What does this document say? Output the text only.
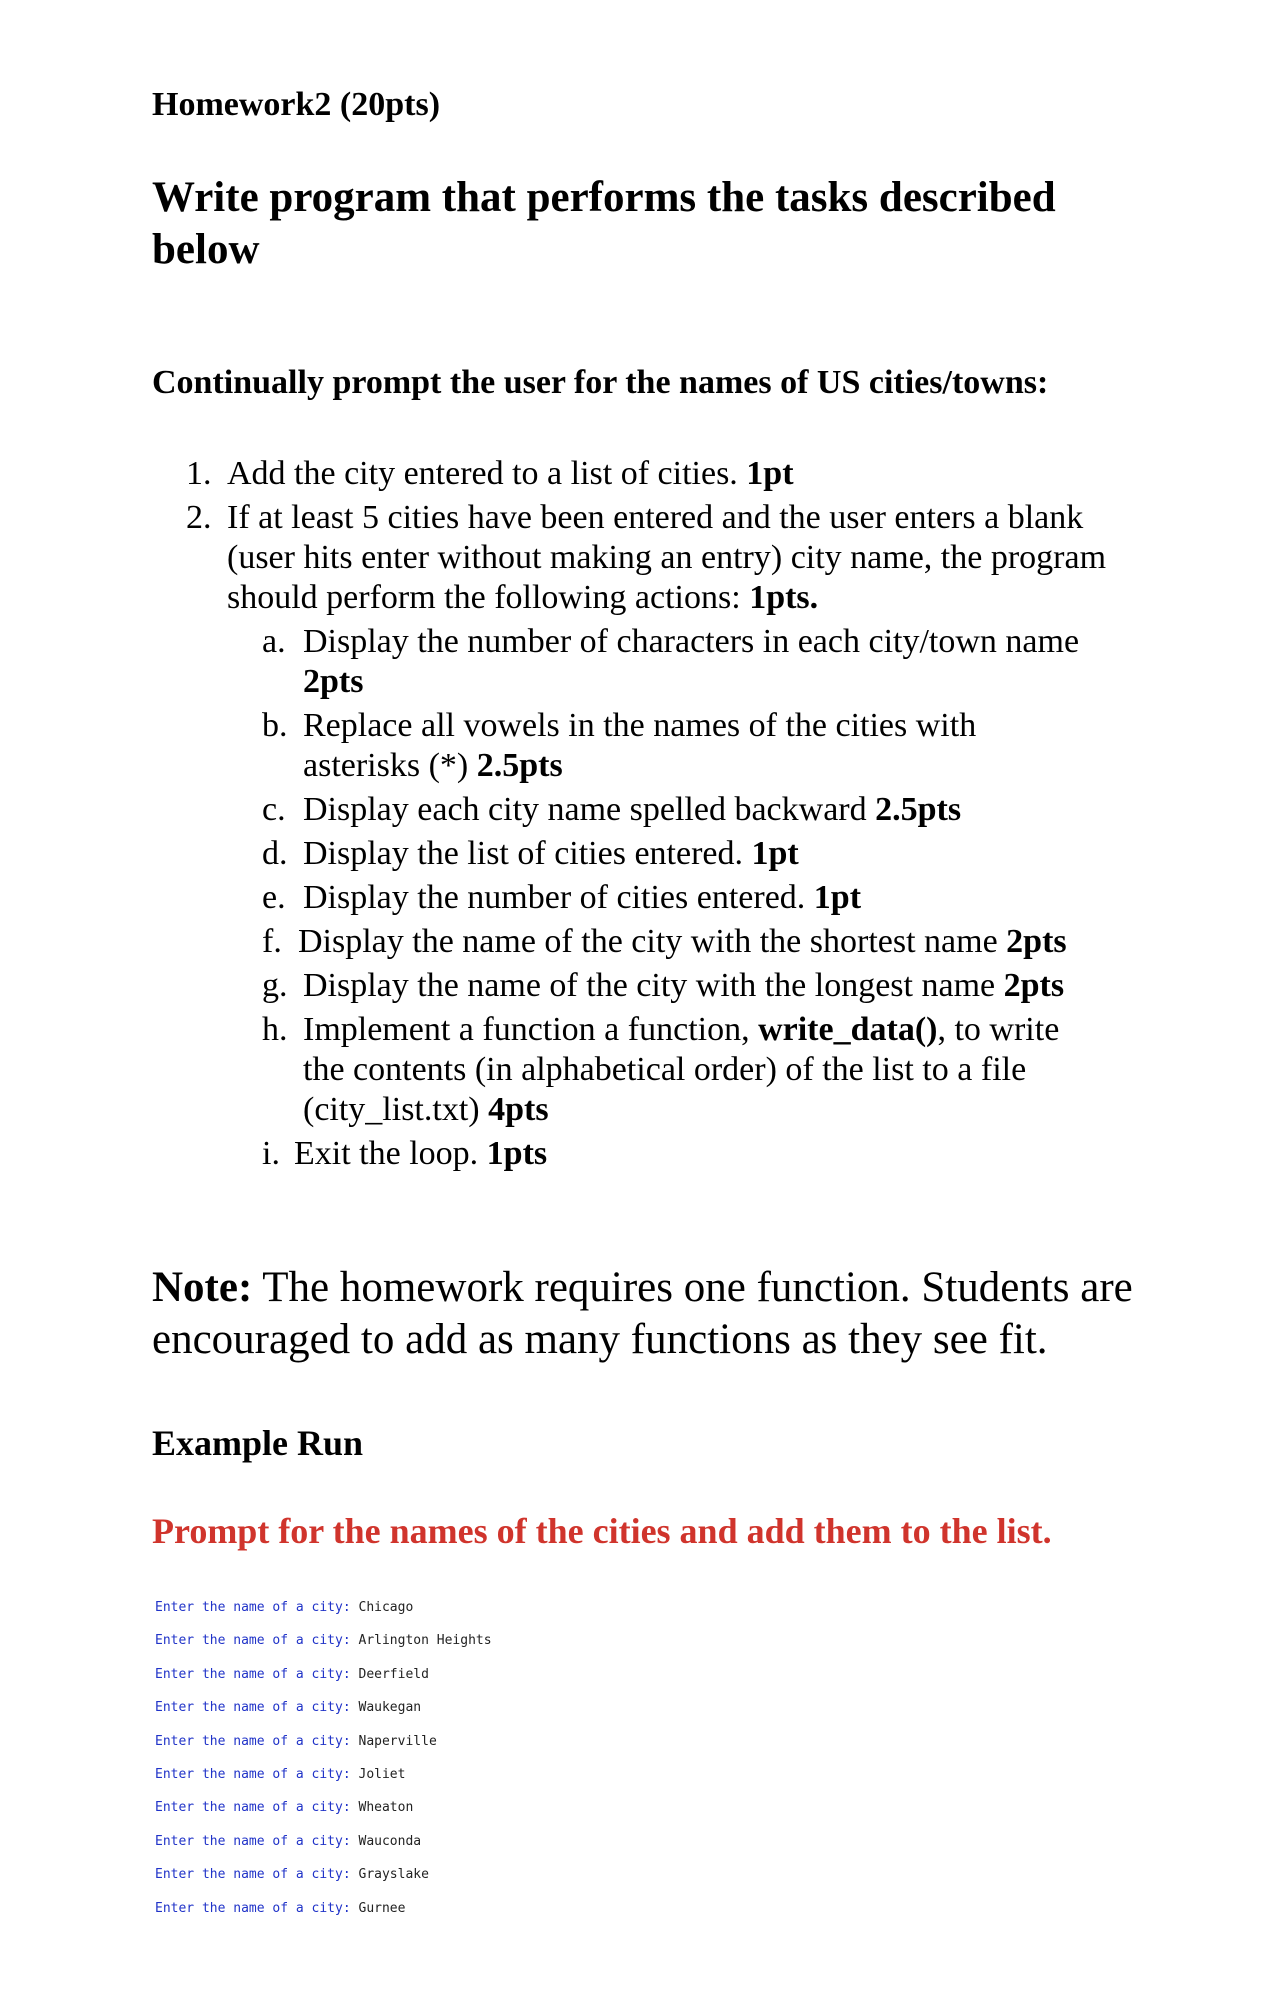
Homework2 (20pts)
Write program that performs the tasks described below
Continually prompt the user for the names of US cities/towns:
1. Add the city entered to a list of cities. 1pt
2. If at least 5 cities have been entered and the user enters a blank (user hits enter without making an entry) city name, the program should perform the following actions: 1pts.
a. Display the number of characters in each city/town name 2pts
b. Replace all vowels in the names of the cities with asterisks (*) 2.5pts
c. Display each city name spelled backward 2.5pts
d. Display the list of cities entered. 1pt
e. Display the number of cities entered. 1pt
f. Display the name of the city with the shortest name 2pts
g. Display the name of the city with the longest name 2pts
h. Implement a function a function, write_data(), to write the contents (in alphabetical order) of the list to a file (city_list.txt) 4pts
i. Exit the loop. 1pts

Note: The homework requires one function. Students are encouraged to add as many functions as they see fit.

Example Run
Prompt for the names of the cities and add them to the list.
Enter the name of a city: Chicago
Enter the name of a city: Arlington Heights
Enter the name of a city: Deerfield
Enter the name of a city: Waukegan
Enter the name of a city: Naperville
Enter the name of a city: Joliet
Enter the name of a city: Wheaton
Enter the name of a city: Wauconda
Enter the name of a city: Grayslake
Enter the name of a city: Gurnee
